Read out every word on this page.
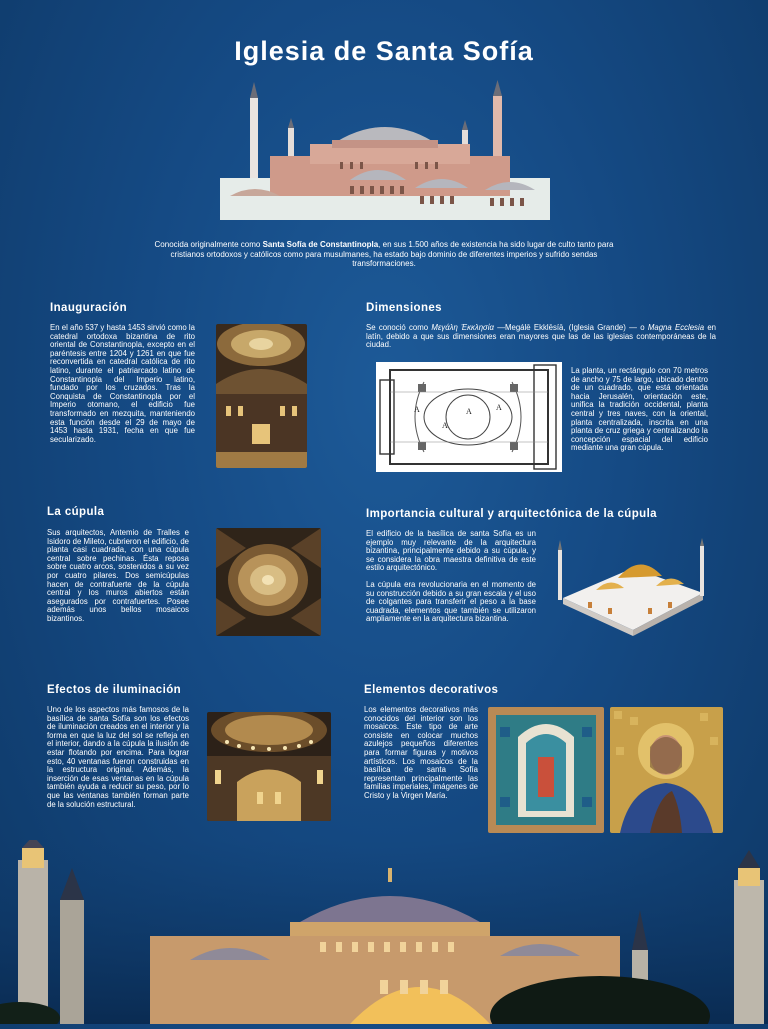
Iglesia de Santa Sofía
Conocida originalmente como Santa Sofía de Constantinopla, en sus 1.500 años de existencia ha sido lugar de culto tanto para cristianos ortodoxos y católicos como para musulmanes, ha estado bajo dominio de diferentes imperios y sufrido sendas transformaciones.
Inauguración
En el año 537 y hasta 1453 sirvió como la catedral ortodoxa bizantina de rito oriental de Constantinopla, excepto en el paréntesis entre 1204 y 1261 en que fue reconvertida en catedral católica de rito latino, durante el patriarcado latino de Constantinopla del Imperio latino, fundado por los cruzados. Tras la Conquista de Constantinopla por el Imperio otomano, el edificio fue transformado en mezquita, manteniendo esta función desde el 29 de mayo de 1453 hasta 1931, fecha en que fue secularizado.
Dimensiones
Se conoció como Μεγάλη Ἐκκλησία —Megálē Ekklēsíā, (Iglesia Grande) — o Magna Ecclesia en latín, debido a que sus dimensiones eran mayores que las de las iglesias contemporáneas de la ciudad.
A	A
A
A
La planta, un rectángulo con 70 metros de ancho y 75 de largo, ubicado dentro de un cuadrado, que está orientada hacia Jerusalén, orientación este, unifica la tradición occidental, planta central y tres naves, con la oriental, planta centralizada, inscrita en una planta de cruz griega y centralizando la concepción espacial del edificio mediante una gran cúpula.
La cúpula
Sus arquitectos, Antemio de Tralles e Isidoro de Mileto, cubrieron el edificio, de planta casi cuadrada, con una cúpula central sobre pechinas. Ésta reposa sobre cuatro arcos, sostenidos a su vez por cuatro pilares. Dos semicúpulas hacen de contrafuerte de la cúpula central y los muros abiertos están asegurados por contrafuertes. Posee además unos bellos mosaicos bizantinos.
Importancia cultural y arquitectónica de la cúpula
El edificio de la basílica de santa Sofía es un ejemplo muy relevante de la arquitectura bizantina, principalmente debido a su cúpula, y se considera la obra maestra definitiva de este estilo arquitectónico.
La cúpula era revolucionaria en el momento de su construcción debido a su gran escala y el uso de colgantes para transferir el peso a la base cuadrada, elementos que también se utilizaron ampliamente en la arquitectura bizantina.
Efectos de iluminación
Uno de los aspectos más famosos de la basílica de santa Sofía son los efectos de iluminación creados en el interior y la forma en que la luz del sol se refleja en el interior, dando a la cúpula la ilusión de estar flotando por encima. Para lograr esto, 40 ventanas fueron construidas en la estructura original. Además, la inserción de esas ventanas en la cúpula también ayuda a reducir su peso, por lo que las ventanas también forman parte de la solución estructural.
Elementos decorativos
Los elementos decorativos más conocidos del interior son los mosaicos. Este tipo de arte consiste en colocar muchos azulejos pequeños diferentes para formar figuras y motivos artísticos. Los mosaicos de la basílica de santa Sofía representan principalmente las familias imperiales, imágenes de Cristo y la Virgen María.
